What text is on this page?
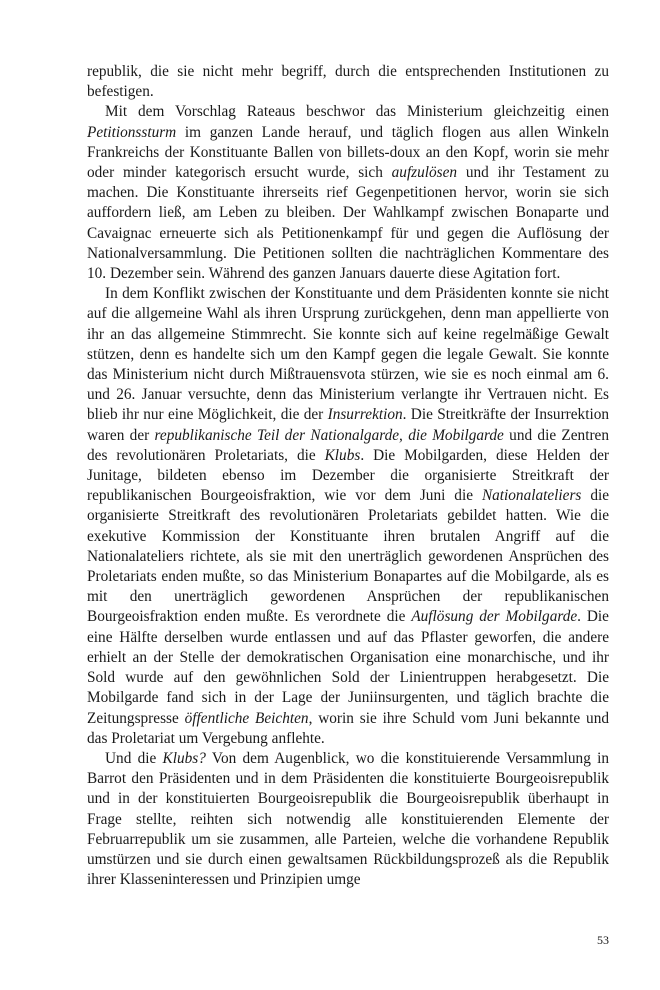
republik, die sie nicht mehr begriff, durch die entsprechenden Institutionen zu befestigen.

Mit dem Vorschlag Rateaus beschwor das Ministerium gleichzeitig einen Petitionssturm im ganzen Lande herauf, und täglich flogen aus allen Winkeln Frankreichs der Konstituante Ballen von billets-doux an den Kopf, worin sie mehr oder minder kategorisch ersucht wurde, sich aufzulösen und ihr Testament zu machen. Die Konstituante ihrerseits rief Gegenpetitionen hervor, worin sie sich auffordern ließ, am Leben zu bleiben. Der Wahlkampf zwischen Bonaparte und Cavaignac erneuerte sich als Petitionenkampf für und gegen die Auflösung der Nationalversammlung. Die Petitionen sollten die nachträglichen Kommentare des 10. Dezember sein. Während des ganzen Januars dauerte diese Agitation fort.

In dem Konflikt zwischen der Konstituante und dem Präsidenten konnte sie nicht auf die allgemeine Wahl als ihren Ursprung zurückgehen, denn man appellierte von ihr an das allgemeine Stimmrecht. Sie konnte sich auf keine regelmäßige Gewalt stützen, denn es handelte sich um den Kampf gegen die legale Gewalt. Sie konnte das Ministerium nicht durch Mißtrauensvota stürzen, wie sie es noch einmal am 6. und 26. Januar versuchte, denn das Ministerium verlangte ihr Vertrauen nicht. Es blieb ihr nur eine Möglichkeit, die der Insurrektion. Die Streitkräfte der Insurrektion waren der republikanische Teil der Nationalgarde, die Mobilgarde und die Zentren des revolutionären Proletariats, die Klubs. Die Mobilgarden, diese Helden der Junitage, bildeten ebenso im Dezember die organisierte Streitkraft der republikanischen Bourgeoisfraktion, wie vor dem Juni die Nationalateliers die organisierte Streitkraft des revolutionären Proletariats gebildet hatten. Wie die exekutive Kommission der Konstituante ihren brutalen Angriff auf die Nationalateliers richtete, als sie mit den unerträglich gewordenen Ansprüchen des Proletariats enden mußte, so das Ministerium Bonapartes auf die Mobilgarde, als es mit den unerträglich gewordenen Ansprüchen der republikanischen Bourgeoisfraktion enden mußte. Es verordnete die Auflösung der Mobilgarde. Die eine Hälfte derselben wurde entlassen und auf das Pflaster geworfen, die andere erhielt an der Stelle der demokratischen Organisation eine monarchische, und ihr Sold wurde auf den gewöhnlichen Sold der Linientruppen herabgesetzt. Die Mobilgarde fand sich in der Lage der Juniinsurgenten, und täglich brachte die Zeitungspresse öffentliche Beichten, worin sie ihre Schuld vom Juni bekannte und das Proletariat um Vergebung anflehte.

Und die Klubs? Von dem Augenblick, wo die konstituierende Versammlung in Barrot den Präsidenten und in dem Präsidenten die konstituierte Bourgeoisrepublik und in der konstituierten Bourgeoisrepublik die Bourgeoisrepublik überhaupt in Frage stellte, reihten sich notwendig alle konstituierenden Elemente der Februarrepublik um sie zusammen, alle Parteien, welche die vorhandene Republik umstürzen und sie durch einen gewaltsamen Rückbildungsprozeß als die Republik ihrer Klasseninteressen und Prinzipien umge

53
